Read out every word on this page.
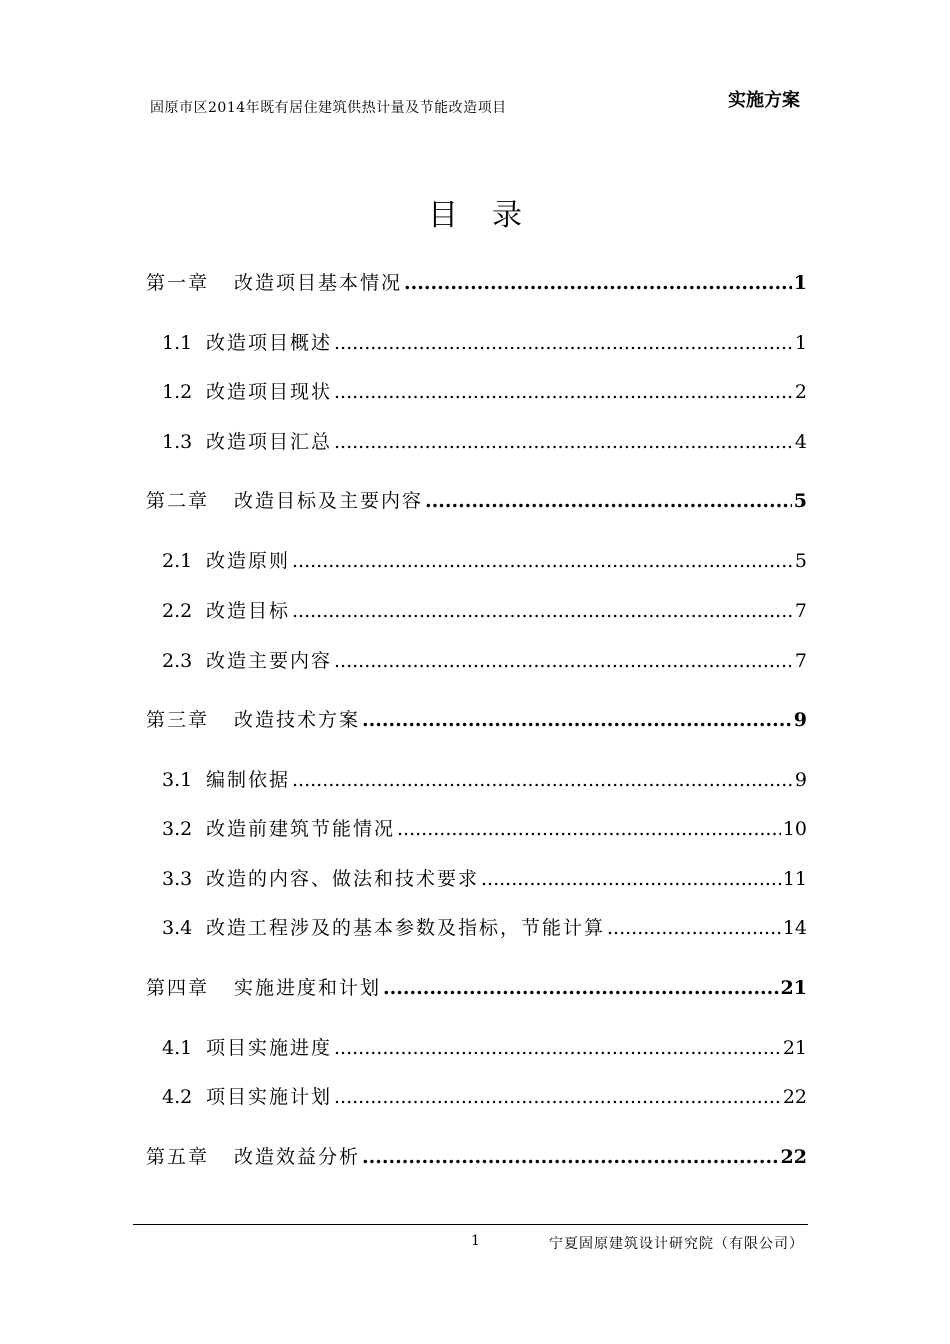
固原市区2014年既有居住建筑供热计量及节能改造项目	实施方案
目录
第一章	改造项目基本情况 .....	1
1.1 改造项目概述 .....	1
1.2 改造项目现状 .....	2
1.3 改造项目汇总 .....	4
第二章	改造目标及主要内容 .....	5
2.1 改造原则 .....	5
2.2 改造目标 .....	7
2.3 改造主要内容 .....	7
第三章	改造技术方案 .....	9
3.1 编制依据 .....	9
3.2 改造前建筑节能情况 .....	10
3.3 改造的内容、做法和技术要求 .....	11
3.4 改造工程涉及的基本参数及指标，节能计算 .....	14
第四章	实施进度和计划 .....	21
4.1 项目实施进度 .....	21
4.2 项目实施计划 .....	22
第五章	改造效益分析 .....	22
1	宁夏固原建筑设计研究院（有限公司）
